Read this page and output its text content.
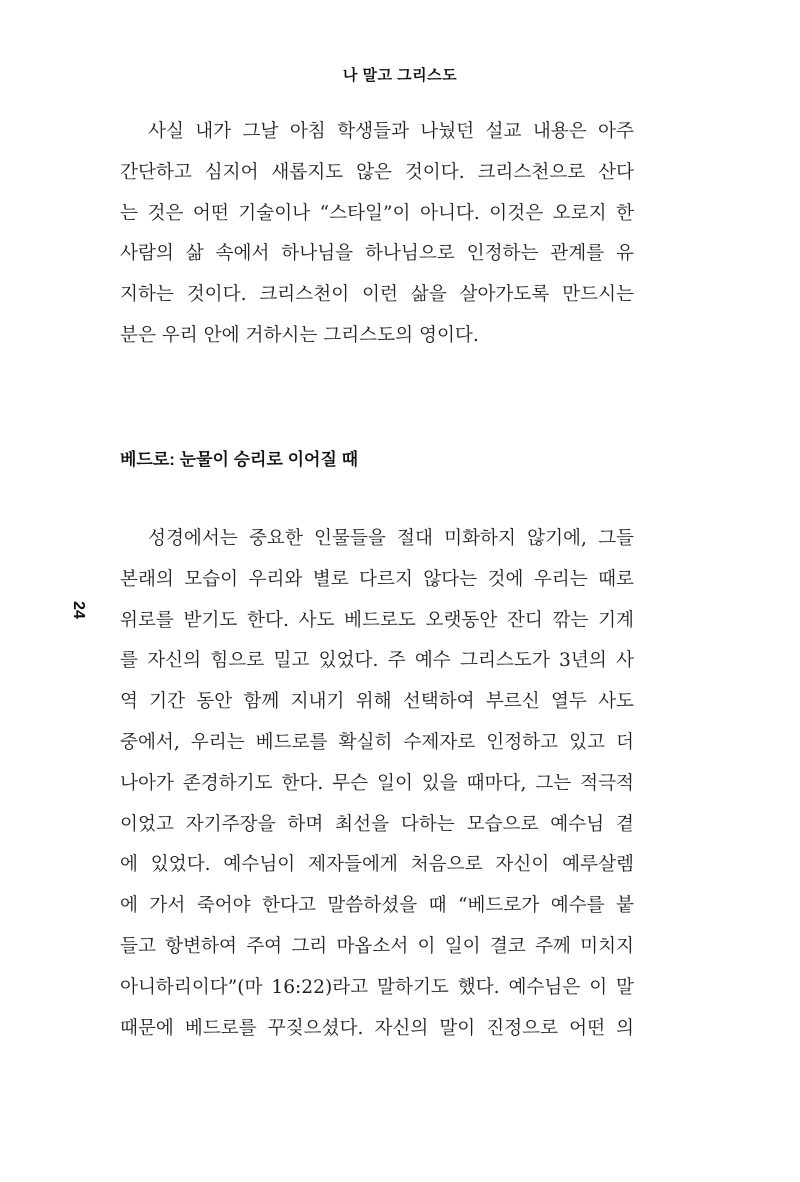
나 말고 그리스도
24
사실 내가 그날 아침 학생들과 나눴던 설교 내용은 아주
간단하고 심지어 새롭지도 않은 것이다. 크리스천으로 산다
는 것은 어떤 기술이나 “스타일”이 아니다. 이것은 오로지 한
사람의 삶 속에서 하나님을 하나님으로 인정하는 관계를 유
지하는 것이다. 크리스천이 이런 삶을 살아가도록 만드시는
분은 우리 안에 거하시는 그리스도의 영이다.
베드로: 눈물이 승리로 이어질 때
성경에서는 중요한 인물들을 절대 미화하지 않기에, 그들
본래의 모습이 우리와 별로 다르지 않다는 것에 우리는 때로
위로를 받기도 한다. 사도 베드로도 오랫동안 잔디 깎는 기계
를 자신의 힘으로 밀고 있었다. 주 예수 그리스도가 3년의 사
역 기간 동안 함께 지내기 위해 선택하여 부르신 열두 사도
중에서, 우리는 베드로를 확실히 수제자로 인정하고 있고 더
나아가 존경하기도 한다. 무슨 일이 있을 때마다, 그는 적극적
이었고 자기주장을 하며 최선을 다하는 모습으로 예수님 곁
에 있었다. 예수님이 제자들에게 처음으로 자신이 예루살렘
에 가서 죽어야 한다고 말씀하셨을 때 “베드로가 예수를 붙
들고 항변하여 주여 그리 마옵소서 이 일이 결코 주께 미치지
아니하리이다”(마 16:22)라고 말하기도 했다. 예수님은 이 말
때문에 베드로를 꾸짖으셨다. 자신의 말이 진정으로 어떤 의
